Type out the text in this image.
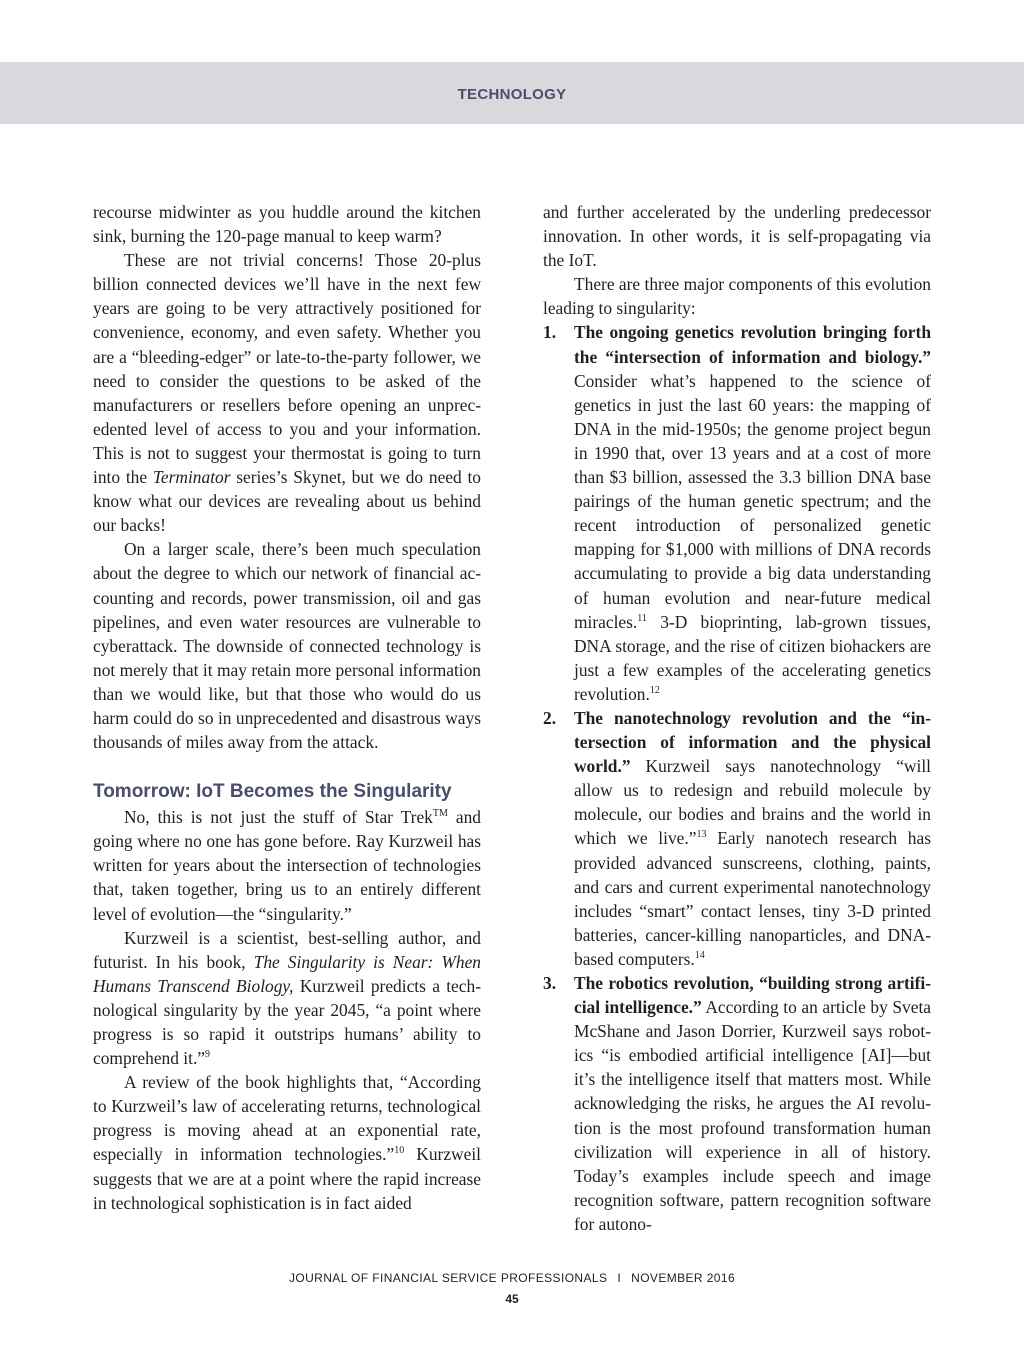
TECHNOLOGY

recourse midwinter as you huddle around the kitchen sink, burning the 120-page manual to keep warm?

These are not trivial concerns! Those 20-plus billion connected devices we’ll have in the next few years are going to be very attractively positioned for convenience, economy, and even safety. Whether you are a “bleeding-edger” or late-to-the-party follower, we need to consider the questions to be asked of the manufacturers or resellers before opening an unprecedented level of access to you and your information. This is not to suggest your thermostat is going to turn into the Terminator series’s Skynet, but we do need to know what our devices are revealing about us behind our backs!

On a larger scale, there’s been much speculation about the degree to which our network of financial accounting and records, power transmission, oil and gas pipelines, and even water resources are vulnerable to cyberattack. The downside of connected technology is not merely that it may retain more personal information than we would like, but that those who would do us harm could do so in unprecedented and disastrous ways thousands of miles away from the attack.

Tomorrow: IoT Becomes the Singularity

No, this is not just the stuff of Star Trek™ and going where no one has gone before. Ray Kurzweil has written for years about the intersection of technologies that, taken together, bring us to an entirely different level of evolution—the “singularity.”

Kurzweil is a scientist, best-selling author, and futurist. In his book, The Singularity is Near: When Humans Transcend Biology, Kurzweil predicts a technological singularity by the year 2045, “a point where progress is so rapid it outstrips humans’ ability to comprehend it.”$^9$

A review of the book highlights that, “According to Kurzweil’s law of accelerating returns, technological progress is moving ahead at an exponential rate, especially in information technologies.”$^{10}$ Kurzweil suggests that we are at a point where the rapid increase in technological sophistication is in fact aided

and further accelerated by the underling predecessor innovation. In other words, it is self-propagating via the IoT.

There are three major components of this evolution leading to singularity:

1. The ongoing genetics revolution bringing forth the “intersection of information and biology.” Consider what’s happened to the science of genetics in just the last 60 years: the mapping of DNA in the mid-1950s; the genome project begun in 1990 that, over 13 years and at a cost of more than $3 billion, assessed the 3.3 billion DNA base pairings of the human genetic spectrum; and the recent introduction of personalized genetic mapping for $1,000 with millions of DNA records accumulating to provide a big data understanding of human evolution and near-future medical miracles.$^{11}$ 3-D bioprinting, lab-grown tissues, DNA storage, and the rise of citizen biohackers are just a few examples of the accelerating genetics revolution.$^{12}$
2. The nanotechnology revolution and the “intersection of information and the physical world.” Kurzweil says nanotechnology “will allow us to redesign and rebuild molecule by molecule, our bodies and brains and the world in which we live.”$^{13}$ Early nanotech research has provided advanced sunscreens, clothing, paints, and cars and current experimental nanotechnology includes “smart” contact lenses, tiny 3-D printed batteries, cancer-killing nanoparticles, and DNA-based computers.$^{14}$
3. The robotics revolution, “building strong artificial intelligence.” According to an article by Sveta McShane and Jason Dorrier, Kurzweil says robotics “is embodied artificial intelligence [AI]—but it’s the intelligence itself that matters most. While acknowledging the risks, he argues the AI revolution is the most profound transformation human civilization will experience in all of history. Today’s examples include speech and image recognition software, pattern recognition software for autono-
JOURNAL OF FINANCIAL SERVICE PROFESSIONALS I NOVEMBER 2016
45
